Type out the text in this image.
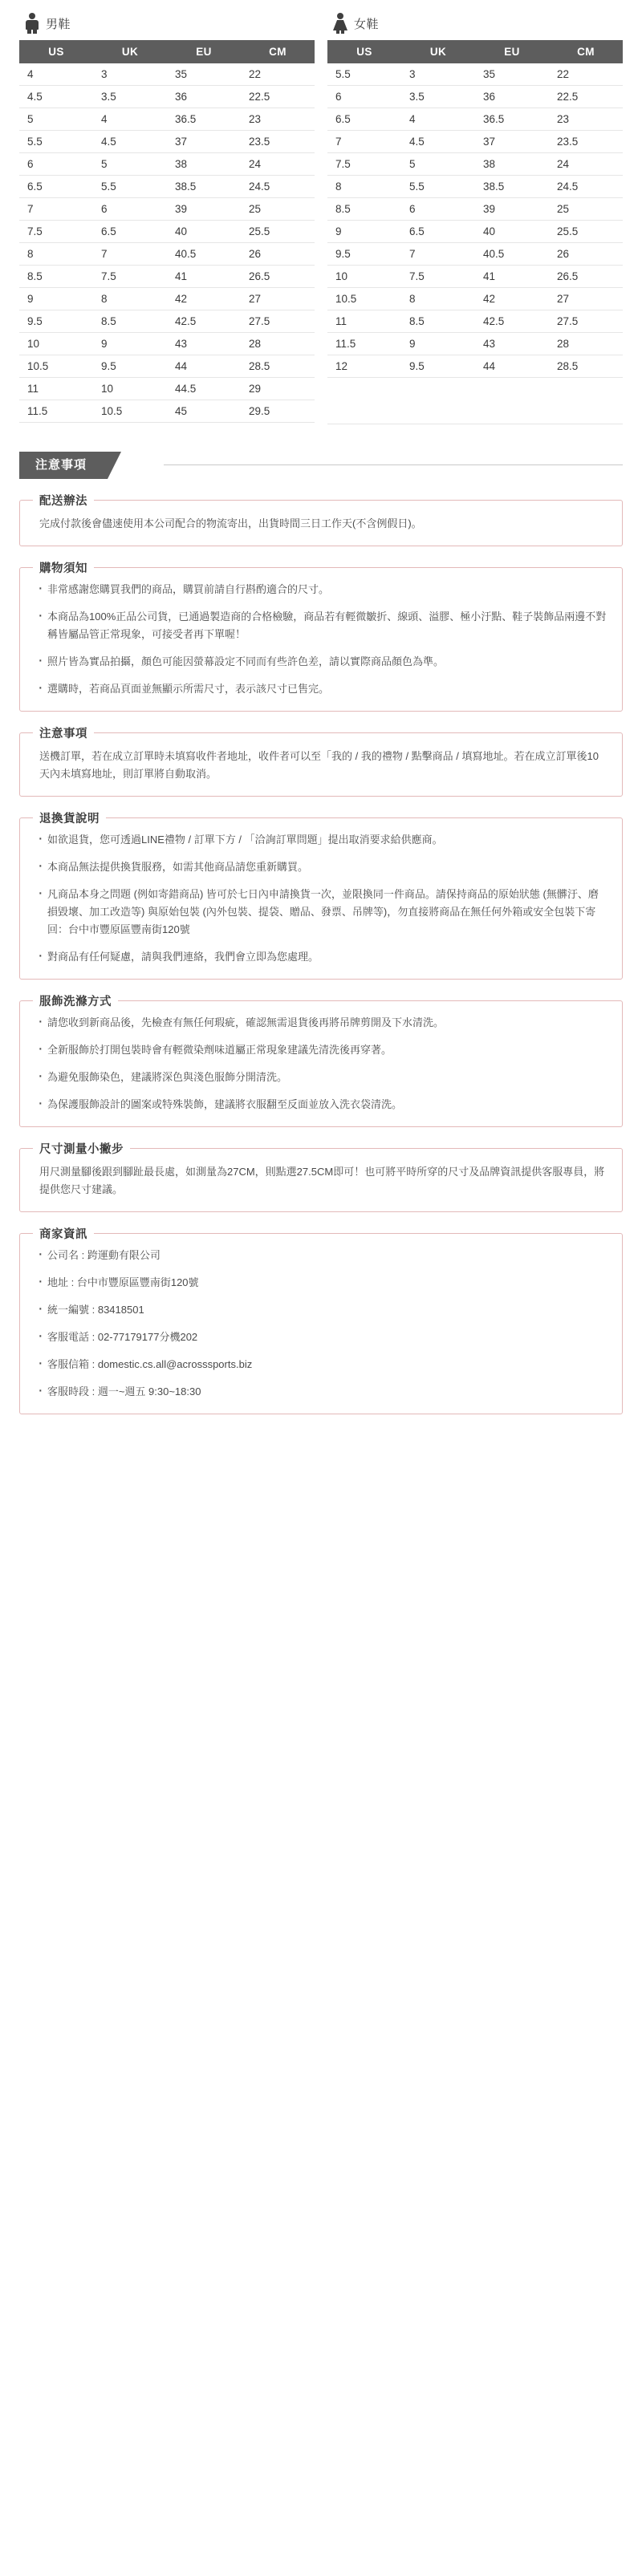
男鞋
US	UK	EU	CM
4	3	35	22
4.5	3.5	36	22.5
5	4	36.5	23
5.5	4.5	37	23.5
6	5	38	24
6.5	5.5	38.5	24.5
7	6	39	25
7.5	6.5	40	25.5
8	7	40.5	26
8.5	7.5	41	26.5
9	8	42	27
9.5	8.5	42.5	27.5
10	9	43	28
10.5	9.5	44	28.5
11	10	44.5	29
11.5	10.5	45	29.5
女鞋
US	UK	EU	CM
5.5	3	35	22
6	3.5	36	22.5
6.5	4	36.5	23
7	4.5	37	23.5
7.5	5	38	24
8	5.5	38.5	24.5
8.5	6	39	25
9	6.5	40	25.5
9.5	7	40.5	26
10	7.5	41	26.5
10.5	8	42	27
11	8.5	42.5	27.5
11.5	9	43	28
12	9.5	44	28.5

注意事項
配送辦法
完成付款後會儘速使用本公司配合的物流寄出，出貨時間三日工作天(不含例假日)。
購物須知
· 非常感謝您購買我們的商品，購買前請自行斟酌適合的尺寸。
· 本商品為100%正品公司貨，已通過製造商的合格檢驗，商品若有輕微皺折、線頭、溢膠、極小汙點、鞋子裝飾品兩邊不對稱皆屬品管正常現象，可接受者再下單喔！
· 照片皆為實品拍攝，顏色可能因螢幕設定不同而有些許色差，請以實際商品顏色為準。
· 選購時，若商品頁面並無顯示所需尺寸，表示該尺寸已售完。
注意事項
送機訂單，若在成立訂單時未填寫收件者地址，收件者可以至「我的 / 我的禮物 / 點擊商品 / 填寫地址。若在成立訂單後10天內未填寫地址，則訂單將自動取消。
退換貨說明
· 如欲退貨，您可透過LINE禮物 / 訂單下方 / 「洽詢訂單問題」提出取消要求給供應商。
· 本商品無法提供換貨服務，如需其他商品請您重新購買。
· 凡商品本身之問題 (例如寄錯商品) 皆可於七日內申請換貨一次，並限換同一件商品。請保持商品的原始狀態 (無髒汙、磨損毀壞、加工改造等) 與原始包裝 (內外包裝、提袋、贈品、發票、吊牌等)，勿直接將商品在無任何外箱或安全包裝下寄回：台中市豐原區豐南街120號
· 對商品有任何疑慮，請與我們連絡，我們會立即為您處理。
服飾洗滌方式
· 請您收到新商品後，先檢查有無任何瑕疵，確認無需退貨後再將吊牌剪開及下水清洗。
· 全新服飾於打開包裝時會有輕微染劑味道屬正常現象建議先清洗後再穿著。
· 為避免服飾染色，建議將深色與淺色服飾分開清洗。
· 為保護服飾設計的圖案或特殊裝飾，建議將衣服翻至反面並放入洗衣袋清洗。
尺寸測量小撇步
用尺測量腳後跟到腳趾最長處，如測量為27CM，則點選27.5CM即可！也可將平時所穿的尺寸及品牌資訊提供客服專員，將提供您尺寸建議。
商家資訊
· 公司名 : 跨運動有限公司
· 地址 : 台中市豐原區豐南街120號
· 統一編號 : 83418501
· 客服電話 : 02-77179177分機202
· 客服信箱 : domestic.cs.all@acrosssports.biz
· 客服時段 : 週一~週五 9:30~18:30
